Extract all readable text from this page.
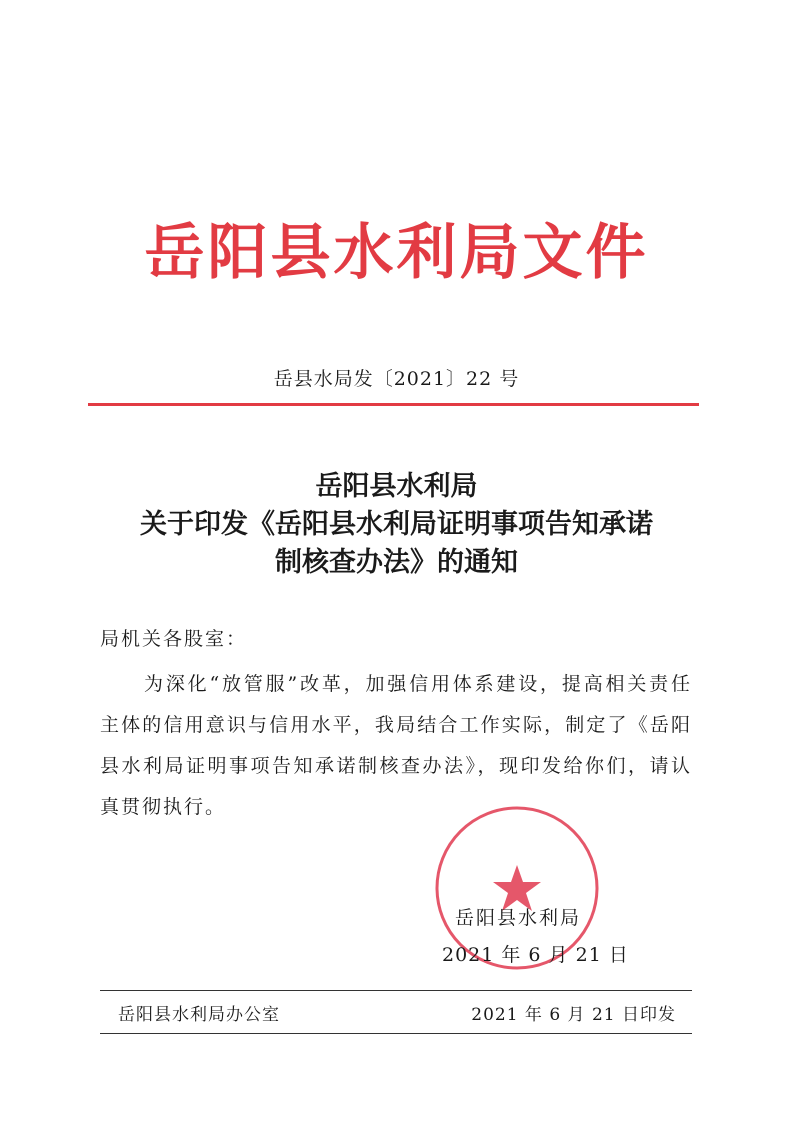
岳阳县水利局文件
岳县水局发〔2021〕22 号
岳阳县水利局
关于印发《岳阳县水利局证明事项告知承诺
制核查办法》的通知
局机关各股室：
为深化“放管服”改革，加强信用体系建设，提高相关责任主体的信用意识与信用水平，我局结合工作实际，制定了《岳阳县水利局证明事项告知承诺制核查办法》，现印发给你们，请认真贯彻执行。
岳阳县水利局
2021 年 6 月 21 日
岳阳县水利局办公室	2021 年 6 月 21 日印发
